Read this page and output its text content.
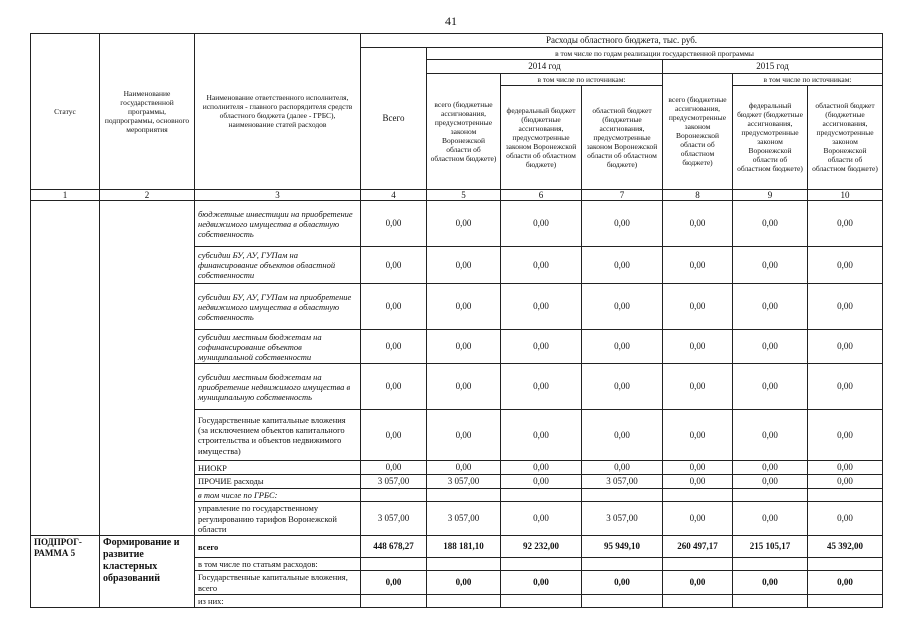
41
Статус	Наименование государственной программы, подпрограммы, основного мероприятия	Наименование ответственного исполнителя, исполнителя - главного распорядителя средств областного бюджета (далее - ГРБС), наименование статей расходов	Расходы областного бюджета, тыс. руб.						
			Всего	в том числе по годам реализации государственной программы					
				2014 год			2015 год		
				всего (бюджетные ассигнования, предусмотренные законом Воронежской области об областном бюджете)	в том числе по источникам:		всего (бюджетные ассигнования, предусмотренные законом Воронежской области об областном бюджете)	в том числе по источникам:	
					федеральный бюджет (бюджетные ассигнования, предусмотренные законом Воронежской области об областном бюджете)	областной бюджет (бюджетные ассигнования, предусмотренные законом Воронежской области об областном бюджете)		федеральный бюджет (бюджетные ассигнования, предусмотренные законом Воронежской области об областном бюджете)	областной бюджет (бюджетные ассигнования, предусмотренные законом Воронежской области об областном бюджете)
1	2	3	4	5	6	7	8	9	10
		бюджетные инвестиции на приобретение недвижимого имущества в областную собственность	0,00	0,00	0,00	0,00	0,00	0,00	0,00
		субсидии БУ, АУ, ГУПам на финансирование объектов областной собственности	0,00	0,00	0,00	0,00	0,00	0,00	0,00
		субсидии БУ, АУ, ГУПам на приобретение недвижимого имущества в областную собственность	0,00	0,00	0,00	0,00	0,00	0,00	0,00
		субсидии местным бюджетам на софинансирование объектов муниципальной собственности	0,00	0,00	0,00	0,00	0,00	0,00	0,00
		субсидии местным бюджетам на приобретение недвижимого имущества в муниципальную собственность	0,00	0,00	0,00	0,00	0,00	0,00	0,00
		Государственные капитальные вложения (за исключением объектов капитального строительства и объектов недвижимого имущества)	0,00	0,00	0,00	0,00	0,00	0,00	0,00
		НИОКР	0,00	0,00	0,00	0,00	0,00	0,00	0,00
		ПРОЧИЕ расходы	3 057,00	3 057,00	0,00	3 057,00	0,00	0,00	0,00
		в том числе по ГРБС:							
		управление по государственному регулированию тарифов Воронежской области	3 057,00	3 057,00	0,00	3 057,00	0,00	0,00	0,00
ПОДПРОГ-РАММА 5	Формирование и развитие кластерных образований	всего	448 678,27	188 181,10	92 232,00	95 949,10	260 497,17	215 105,17	45 392,00
		в том числе по статьям расходов:							
		Государственные капитальные вложения, всего	0,00	0,00	0,00	0,00	0,00	0,00	0,00
		из них:							
